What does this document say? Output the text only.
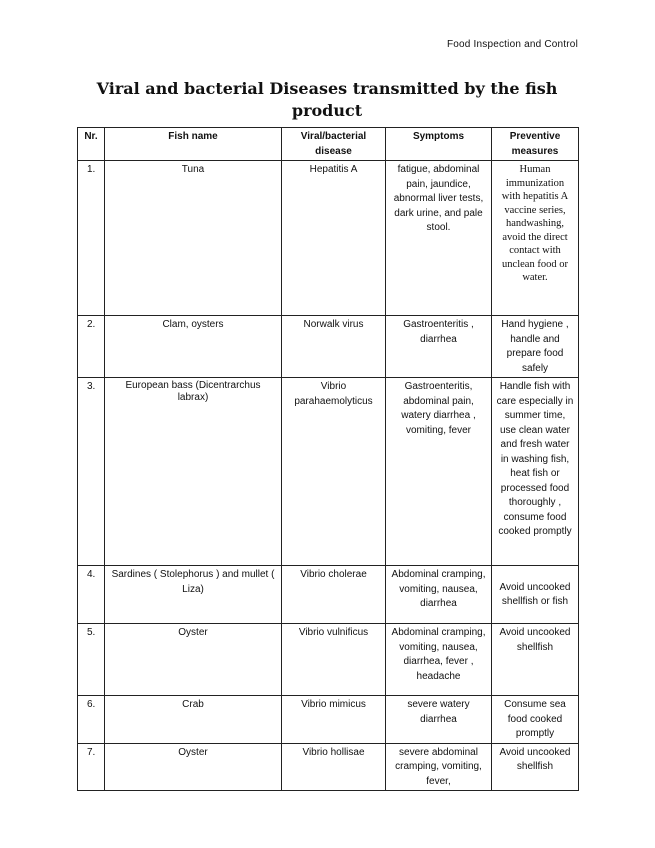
Food Inspection and Control
Viral and bacterial Diseases transmitted by the fish product
Nr.	Fish name	Viral/bacterial disease	Symptoms	Preventive measures
1.	Tuna	Hepatitis A	fatigue, abdominal pain, jaundice, abnormal liver tests, dark urine, and pale stool.	Human immunization with hepatitis A vaccine series, handwashing, avoid the direct contact with unclean food or water.
2.	Clam, oysters	Norwalk virus	Gastroenteritis , diarrhea	Hand hygiene , handle and prepare food safely
3.	European bass (Dicentrarchus labrax)	Vibrio parahaemolyticus	Gastroenteritis, abdominal pain, watery diarrhea , vomiting, fever	Handle fish with care especially in summer time, use clean water and fresh water in washing fish, heat fish or processed food thoroughly , consume food cooked promptly
4.	Sardines ( Stolephorus ) and mullet ( Liza)	Vibrio cholerae	Abdominal cramping, vomiting, nausea, diarrhea	Avoid uncooked shellfish or fish
5.	Oyster	Vibrio vulnificus	Abdominal cramping, vomiting, nausea, diarrhea, fever , headache	Avoid uncooked shellfish
6.	Crab	Vibrio mimicus	severe watery diarrhea	Consume sea food cooked promptly
7.	Oyster	Vibrio hollisae	severe abdominal cramping, vomiting, fever,	Avoid uncooked shellfish
